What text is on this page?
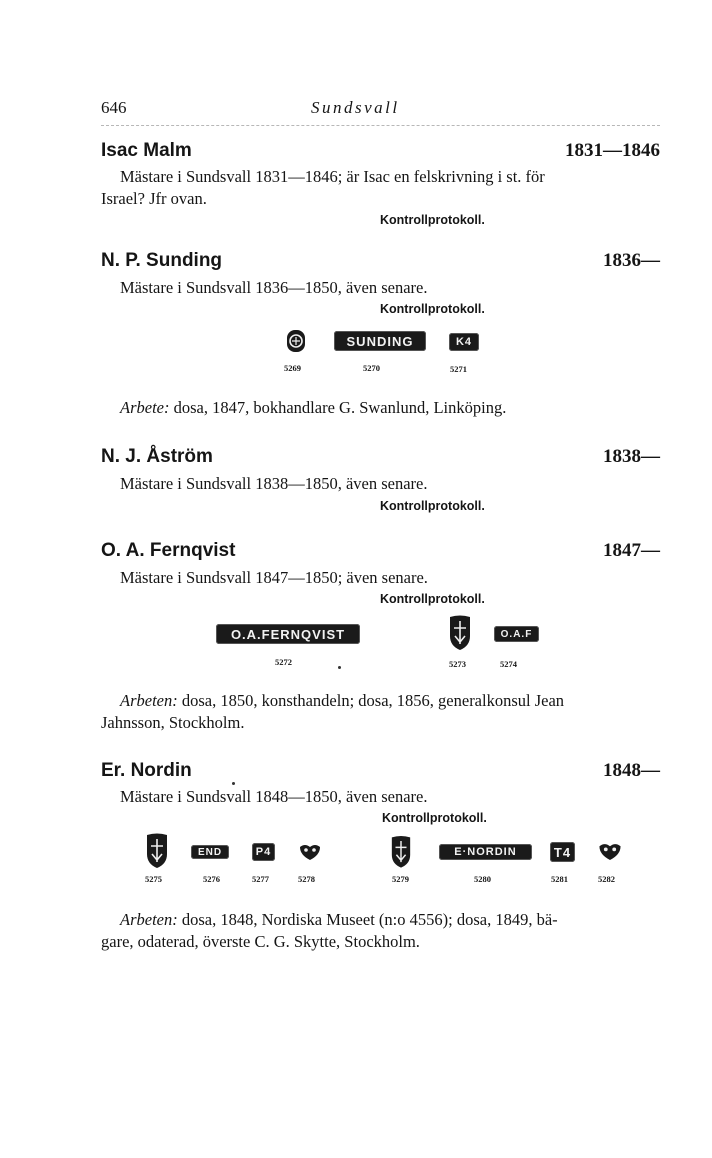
646	Sundsvall
Isac Malm	1831—1846
Mästare i Sundsvall 1831—1846; är Isac en felskrivning i st. för
Israel? Jfr ovan.
Kontrollprotokoll.
N. P. Sunding	1836—
Mästare i Sundsvall 1836—1850, även senare.
Kontrollprotokoll.
SUNDING	K4
5269	5270	5271
Arbete: dosa, 1847, bokhandlare G. Swanlund, Linköping.
N. J. Åström	1838—
Mästare i Sundsvall 1838—1850, även senare.
Kontrollprotokoll.
O. A. Fernqvist	1847—
Mästare i Sundsvall 1847—1850; även senare.
Kontrollprotokoll.
O.A.FERNQVIST	O.A.F
5272	5273	5274
Arbeten: dosa, 1850, konsthandeln; dosa, 1856, generalkonsul Jean
Jahnsson, Stockholm.
Er. Nordin	1848—
Mästare i Sundsvall 1848—1850, även senare.
Kontrollprotokoll.
END	P4	E·NORDIN	T4
5275	5276	5277	5278	5279	5280	5281	5282
Arbeten: dosa, 1848, Nordiska Museet (n:o 4556); dosa, 1849, bä-
gare, odaterad, överste C. G. Skytte, Stockholm.
